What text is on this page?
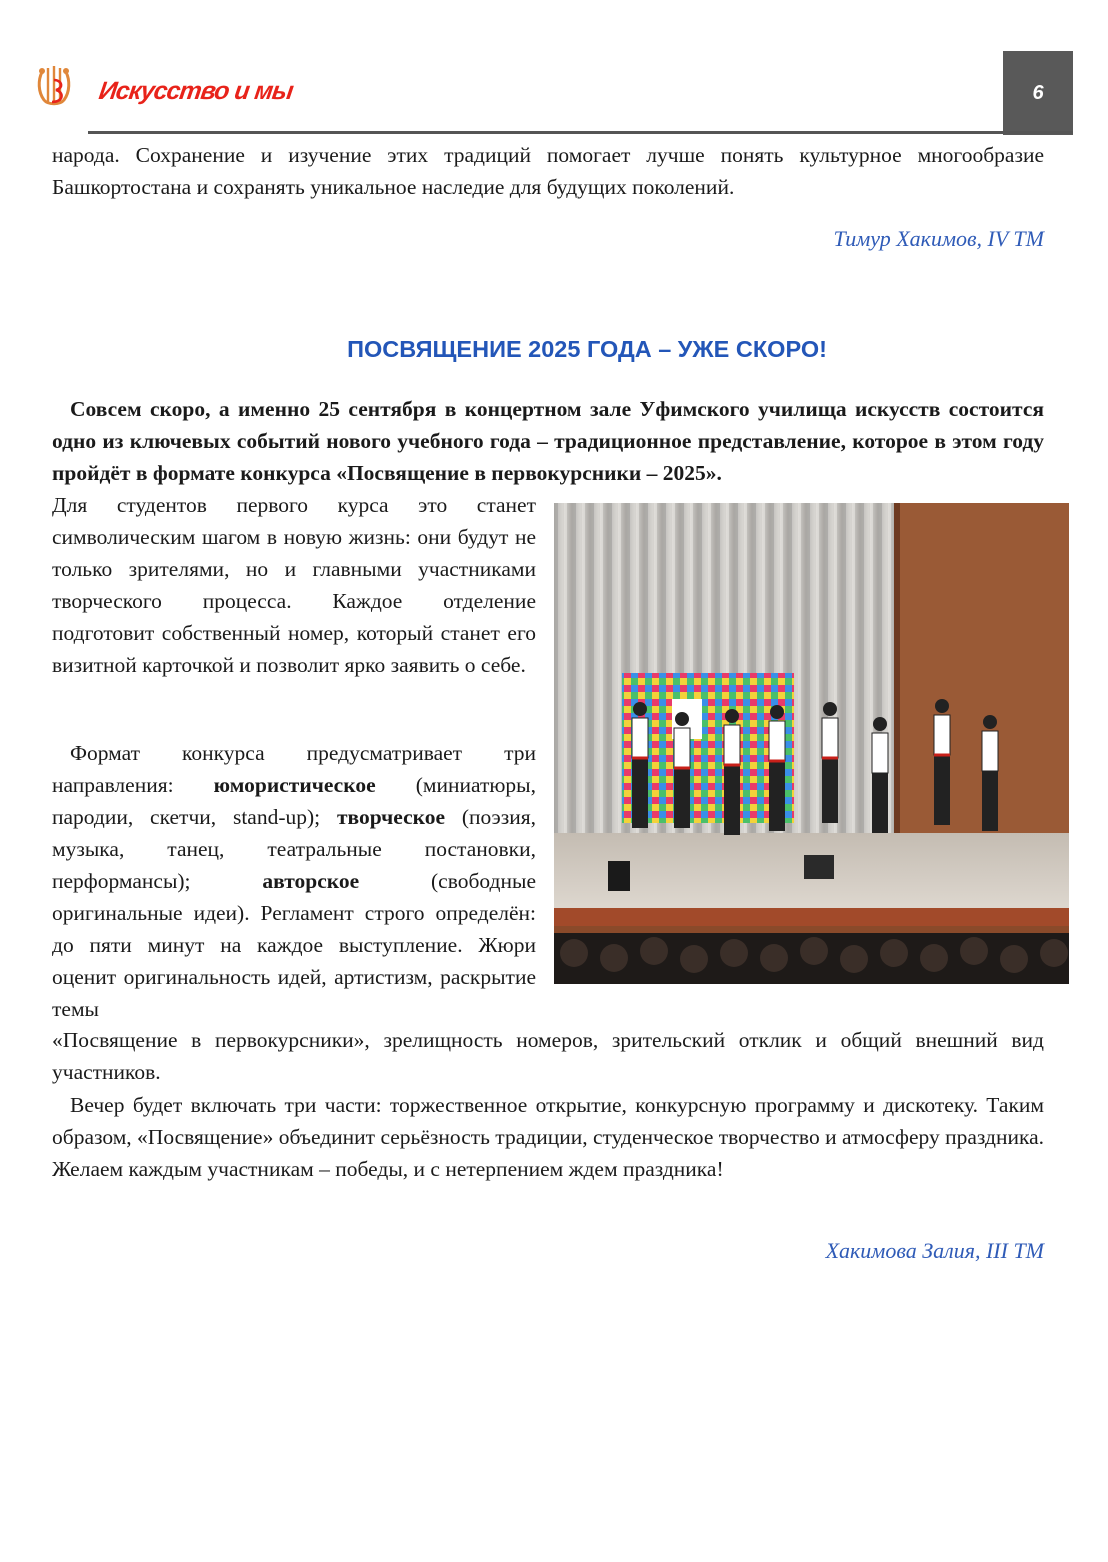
Искусство и мы	6
народа. Сохранение и изучение этих традиций помогает лучше понять культурное многообразие Башкортостана и сохранять уникальное наследие для будущих поколений.
Тимур Хакимов, IV ТМ
ПОСВЯЩЕНИЕ 2025 ГОДА – УЖЕ СКОРО!
Совсем скоро, а именно 25 сентября в концертном зале Уфимского училища искусств состоится одно из ключевых событий нового учебного года – традиционное представление, которое в этом году пройдёт в формате конкурса «Посвящение в первокурсники – 2025».
Для студентов первого курса это станет символическим шагом в новую жизнь: они будут не только зрителями, но и главными участниками творческого процесса. Каждое отделение подготовит собственный номер, который станет его визитной карточкой и позволит ярко заявить о себе.
Формат конкурса предусматривает три направления: юмористическое (миниатюры, пародии, скетчи, stand-up); творческое (поэзия, музыка, танец, театральные постановки, перформансы); авторское (свободные оригинальные идеи). Регламент строго определён: до пяти минут на каждое выступление. Жюри оценит оригинальность идей, артистизм, раскрытие темы
«Посвящение в первокурсники», зрелищность номеров, зрительский отклик и общий внешний вид участников.
Вечер будет включать три части: торжественное открытие, конкурсную программу и дискотеку. Таким образом, «Посвящение» объединит серьёзность традиции, студенческое творчество и атмосферу праздника. Желаем каждым участникам – победы, и с нетерпением ждем праздника!
Хакимова Залия, III ТМ
